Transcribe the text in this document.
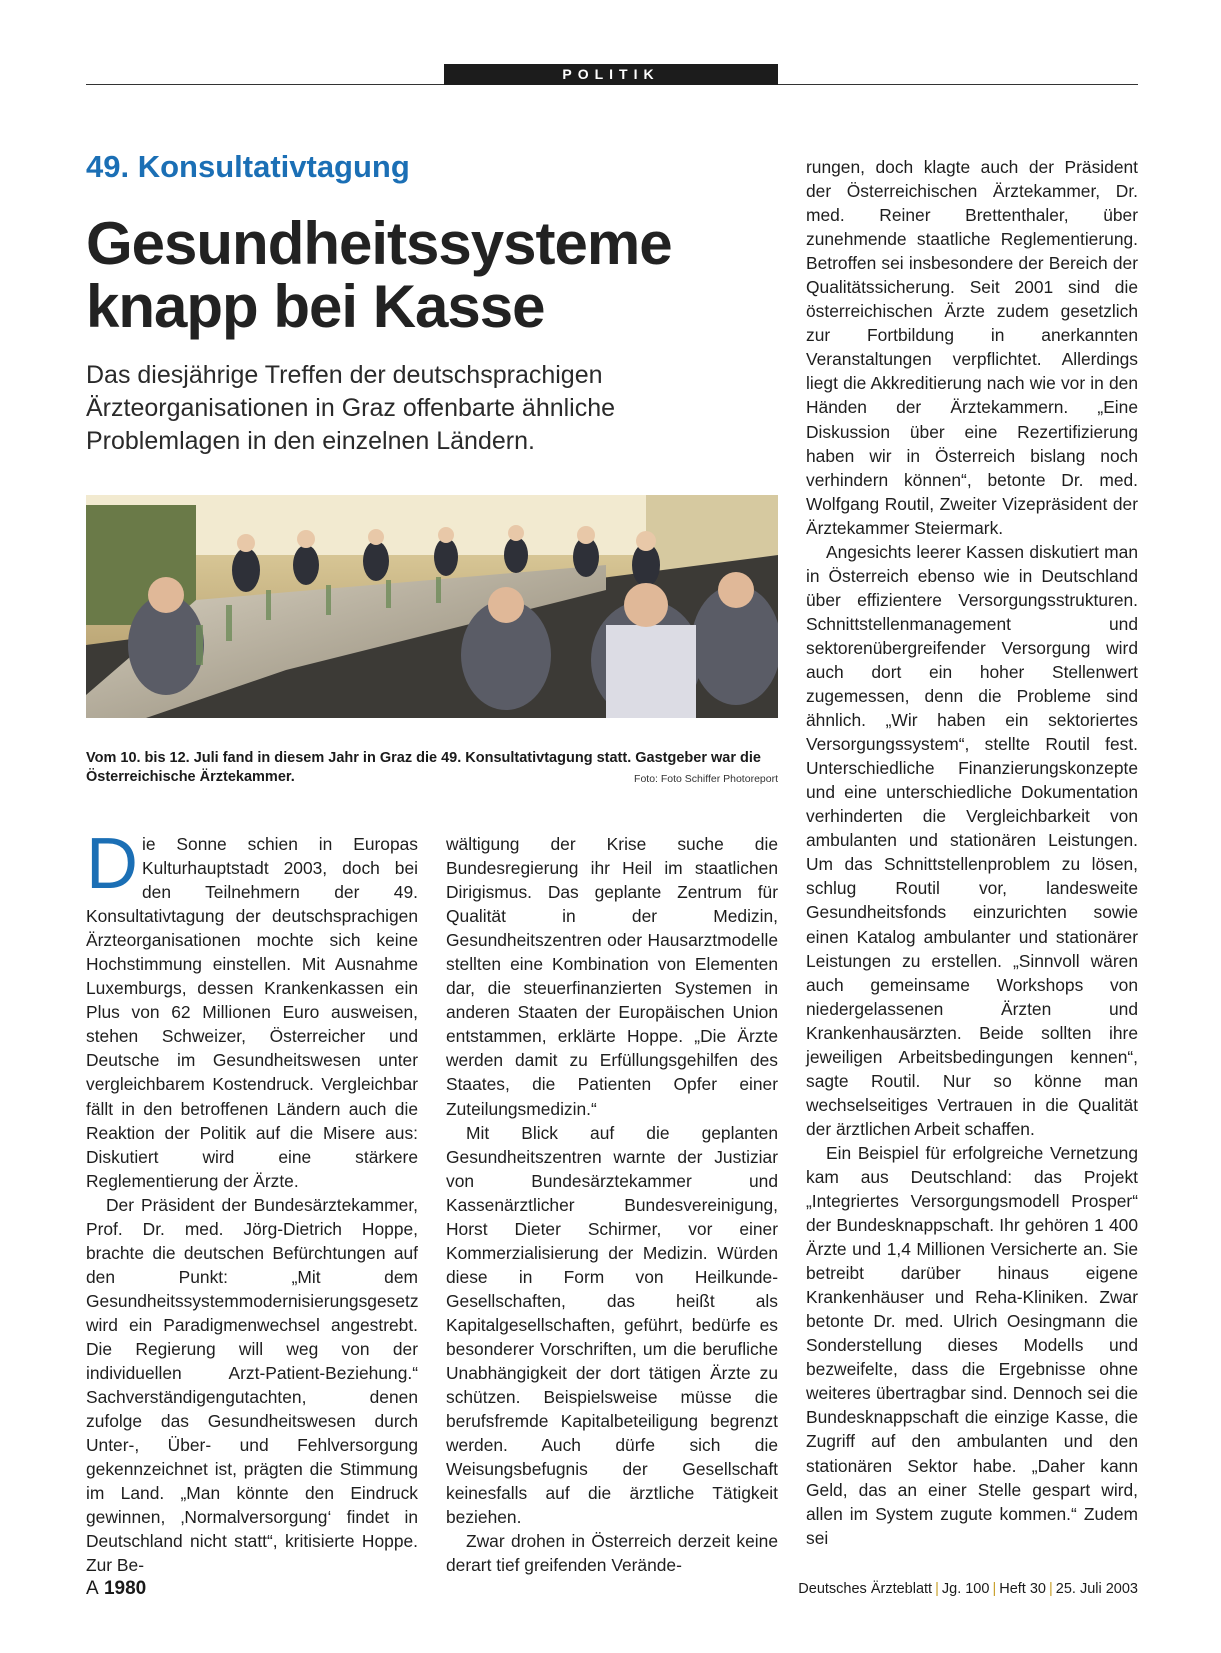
POLITIK
49. Konsultativtagung
Gesundheitssysteme
knapp bei Kasse
Das diesjährige Treffen der deutschsprachigen Ärzteorganisationen in Graz offenbarte ähnliche Problemlagen in den einzelnen Ländern.
Vom 10. bis 12. Juli fand in diesem Jahr in Graz die 49. Konsultativtagung statt. Gastgeber war die Österreichische Ärztekammer.	Foto: Foto Schiffer Photoreport

Die Sonne schien in Europas Kulturhauptstadt 2003, doch bei den Teilnehmern der 49. Konsultativtagung der deutschsprachigen Ärzteorganisationen mochte sich keine Hochstimmung einstellen. Mit Ausnahme Luxemburgs, dessen Krankenkassen ein Plus von 62 Millionen Euro ausweisen, stehen Schweizer, Österreicher und Deutsche im Gesundheitswesen unter vergleichbarem Kostendruck. Vergleichbar fällt in den betroffenen Ländern auch die Reaktion der Politik auf die Misere aus: Diskutiert wird eine stärkere Reglementierung der Ärzte.

Der Präsident der Bundesärztekammer, Prof. Dr. med. Jörg-Dietrich Hoppe, brachte die deutschen Befürchtungen auf den Punkt: „Mit dem Gesundheitssystemmodernisierungsgesetz wird ein Paradigmenwechsel angestrebt. Die Regierung will weg von der individuellen Arzt-Patient-Beziehung.“ Sachverständigengutachten, denen zufolge das Gesundheitswesen durch Unter-, Über- und Fehlversorgung gekennzeichnet ist, prägten die Stimmung im Land. „Man könnte den Eindruck gewinnen, ‚Normalversorgung‘ findet in Deutschland nicht statt“, kritisierte Hoppe. Zur Be-

wältigung der Krise suche die Bundesregierung ihr Heil im staatlichen Dirigismus. Das geplante Zentrum für Qualität in der Medizin, Gesundheitszentren oder Hausarztmodelle stellten eine Kombination von Elementen dar, die steuerfinanzierten Systemen in anderen Staaten der Europäischen Union entstammen, erklärte Hoppe. „Die Ärzte werden damit zu Erfüllungsgehilfen des Staates, die Patienten Opfer einer Zuteilungsmedizin.“

Mit Blick auf die geplanten Gesundheitszentren warnte der Justiziar von Bundesärztekammer und Kassenärztlicher Bundesvereinigung, Horst Dieter Schirmer, vor einer Kommerzialisierung der Medizin. Würden diese in Form von Heilkunde-Gesellschaften, das heißt als Kapitalgesellschaften, geführt, bedürfe es besonderer Vorschriften, um die berufliche Unabhängigkeit der dort tätigen Ärzte zu schützen. Beispielsweise müsse die berufsfremde Kapitalbeteiligung begrenzt werden. Auch dürfe sich die Weisungsbefugnis der Gesellschaft keinesfalls auf die ärztliche Tätigkeit beziehen.

Zwar drohen in Österreich derzeit keine derart tief greifenden Verände-

rungen, doch klagte auch der Präsident der Österreichischen Ärztekammer, Dr. med. Reiner Brettenthaler, über zunehmende staatliche Reglementierung. Betroffen sei insbesondere der Bereich der Qualitätssicherung. Seit 2001 sind die österreichischen Ärzte zudem gesetzlich zur Fortbildung in anerkannten Veranstaltungen verpflichtet. Allerdings liegt die Akkreditierung nach wie vor in den Händen der Ärztekammern. „Eine Diskussion über eine Rezertifizierung haben wir in Österreich bislang noch verhindern können“, betonte Dr. med. Wolfgang Routil, Zweiter Vizepräsident der Ärztekammer Steiermark.

Angesichts leerer Kassen diskutiert man in Österreich ebenso wie in Deutschland über effizientere Versorgungsstrukturen. Schnittstellenmanagement und sektorenübergreifender Versorgung wird auch dort ein hoher Stellenwert zugemessen, denn die Probleme sind ähnlich. „Wir haben ein sektoriertes Versorgungssystem“, stellte Routil fest. Unterschiedliche Finanzierungskonzepte und eine unterschiedliche Dokumentation verhinderten die Vergleichbarkeit von ambulanten und stationären Leistungen. Um das Schnittstellenproblem zu lösen, schlug Routil vor, landesweite Gesundheitsfonds einzurichten sowie einen Katalog ambulanter und stationärer Leistungen zu erstellen. „Sinnvoll wären auch gemeinsame Workshops von niedergelassenen Ärzten und Krankenhausärzten. Beide sollten ihre jeweiligen Arbeitsbedingungen kennen“, sagte Routil. Nur so könne man wechselseitiges Vertrauen in die Qualität der ärztlichen Arbeit schaffen.

Ein Beispiel für erfolgreiche Vernetzung kam aus Deutschland: das Projekt „Integriertes Versorgungsmodell Prosper“ der Bundesknappschaft. Ihr gehören 1 400 Ärzte und 1,4 Millionen Versicherte an. Sie betreibt darüber hinaus eigene Krankenhäuser und Reha-Kliniken. Zwar betonte Dr. med. Ulrich Oesingmann die Sonderstellung dieses Modells und bezweifelte, dass die Ergebnisse ohne weiteres übertragbar sind. Dennoch sei die Bundesknappschaft die einzige Kasse, die Zugriff auf den ambulanten und den stationären Sektor habe. „Daher kann Geld, das an einer Stelle gespart wird, allen im System zugute kommen.“ Zudem sei

A 1980	Deutsches Ärzteblatt | Jg. 100 | Heft 30 | 25. Juli 2003
